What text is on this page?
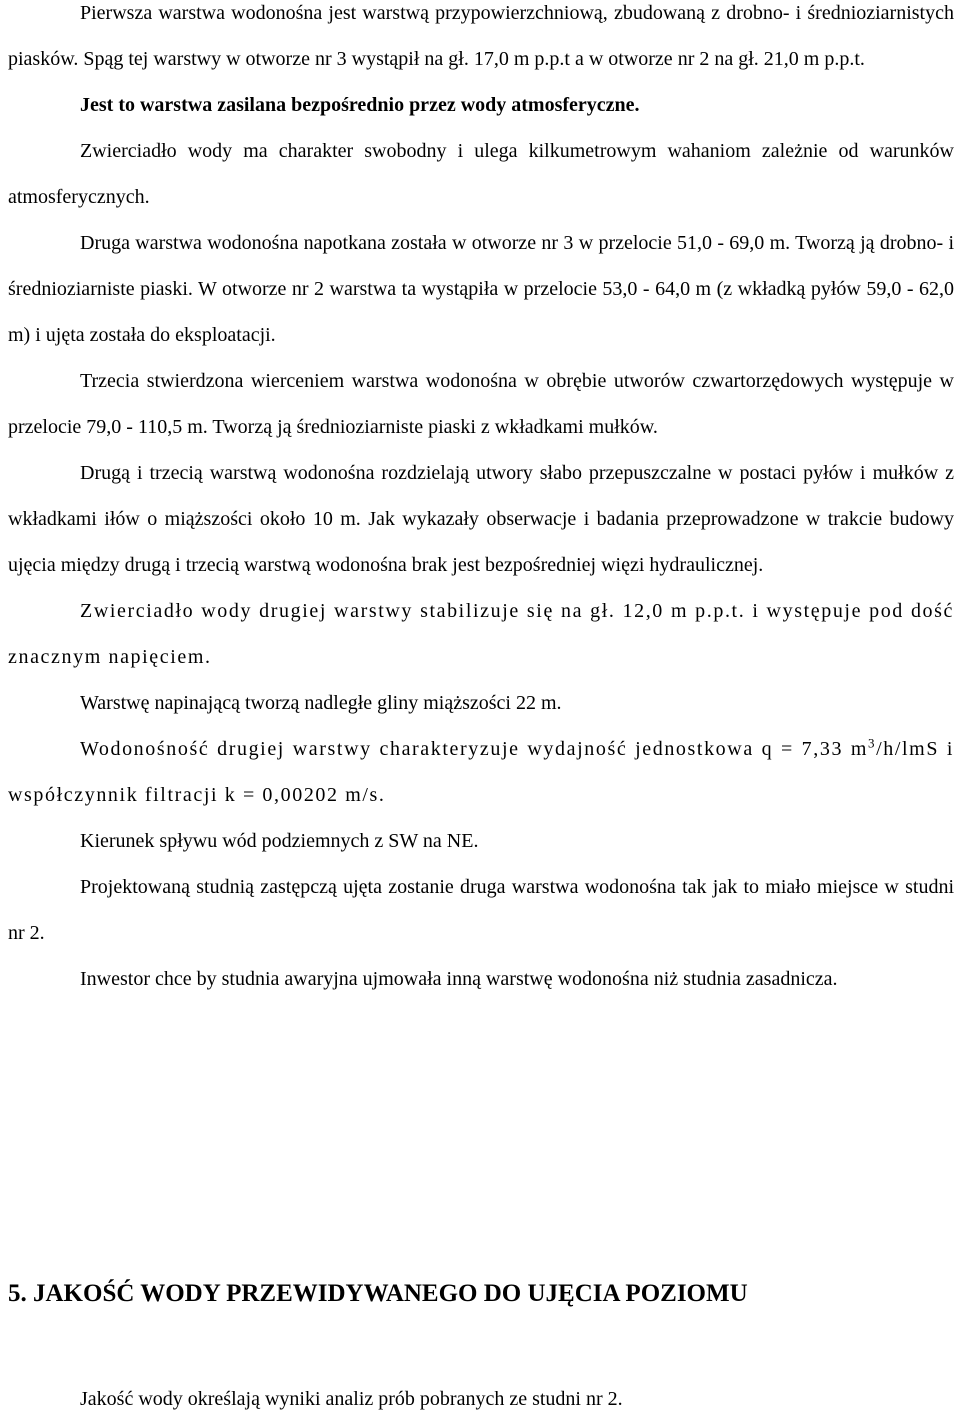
Pierwsza warstwa wodonośna jest warstwą przypowierzchniową, zbudowaną z drobno- i średnioziarnistych piasków. Spąg tej warstwy w otworze nr 3 wystąpił na gł. 17,0 m p.p.t a w otworze nr 2 na gł. 21,0 m p.p.t.

Jest to warstwa zasilana bezpośrednio przez wody atmosferyczne.

Zwierciadło wody ma charakter swobodny i ulega kilkumetrowym wahaniom zależnie od warunków atmosferycznych.

Druga warstwa wodonośna napotkana została w otworze nr 3 w przelocie 51,0 - 69,0 m. Tworzą ją drobno- i średnioziarniste piaski. W otworze nr 2 warstwa ta wystąpiła w przelocie 53,0 - 64,0 m (z wkładką pyłów 59,0 - 62,0 m) i ujęta została do eksploatacji.

Trzecia stwierdzona wierceniem warstwa wodonośna w obrębie utworów czwartorzędowych występuje w przelocie 79,0 - 110,5 m. Tworzą ją średnioziarniste piaski z wkładkami mułków.

Drugą i trzecią warstwą wodonośna rozdzielają utwory słabo przepuszczalne w postaci pyłów i mułków z wkładkami iłów o miąższości około 10 m. Jak wykazały obserwacje i badania przeprowadzone w trakcie budowy ujęcia między drugą i trzecią warstwą wodonośna brak jest bezpośredniej więzi hydraulicznej.

Zwierciadło wody drugiej warstwy stabilizuje się na gł. 12,0 m p.p.t. i występuje pod dość znacznym napięciem.

Warstwę napinającą tworzą nadległe gliny miąższości 22 m.

Wodonośność drugiej warstwy charakteryzuje wydajność jednostkowa q = 7,33 $m^3/h$/lmS i współczynnik filtracji k = 0,00202 m/s.

Kierunek spływu wód podziemnych z SW na NE.

Projektowaną studnią zastępczą ujęta zostanie druga warstwa wodonośna tak jak to miało miejsce w studni nr 2.

Inwestor chce by studnia awaryjna ujmowała inną warstwę wodonośna niż studnia zasadnicza.

5. JAKOŚĆ WODY PRZEWIDYWANEGO DO UJĘCIA POZIOMU

Jakość wody określają wyniki analiz prób pobranych ze studni nr 2.
